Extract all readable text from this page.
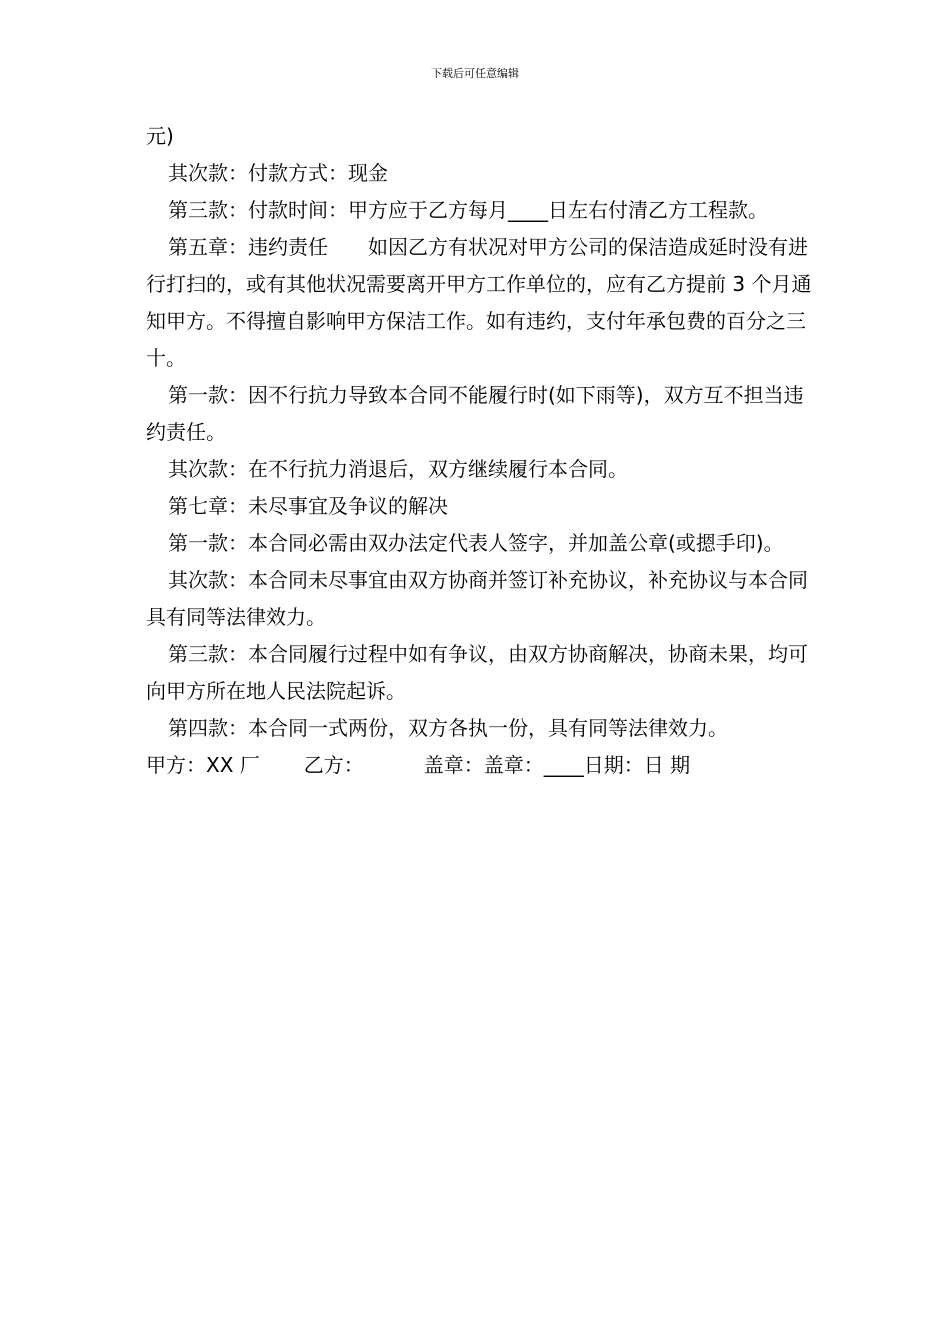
下载后可任意编辑

元)

其次款：付款方式：现金

第三款：付款时间：甲方应于乙方每月____日左右付清乙方工程款。

第五章：违约责任　　如因乙方有状况对甲方公司的保洁造成延时没有进行打扫的，或有其他状况需要离开甲方工作单位的，应有乙方提前 3 个月通知甲方。不得擅自影响甲方保洁工作。如有违约，支付年承包费的百分之三十。

第一款：因不行抗力导致本合同不能履行时(如下雨等)，双方互不担当违约责任。

其次款：在不行抗力消退后，双方继续履行本合同。

第七章：未尽事宜及争议的解决

第一款：本合同必需由双办法定代表人签字，并加盖公章(或摁手印)。

其次款：本合同未尽事宜由双方协商并签订补充协议，补充协议与本合同具有同等法律效力。

第三款：本合同履行过程中如有争议，由双方协商解决，协商未果，均可向甲方所在地人民法院起诉。

第四款：本合同一式两份，双方各执一份，具有同等法律效力。

甲方：XX 厂 乙方：	盖章：盖章：____日期：日 期
